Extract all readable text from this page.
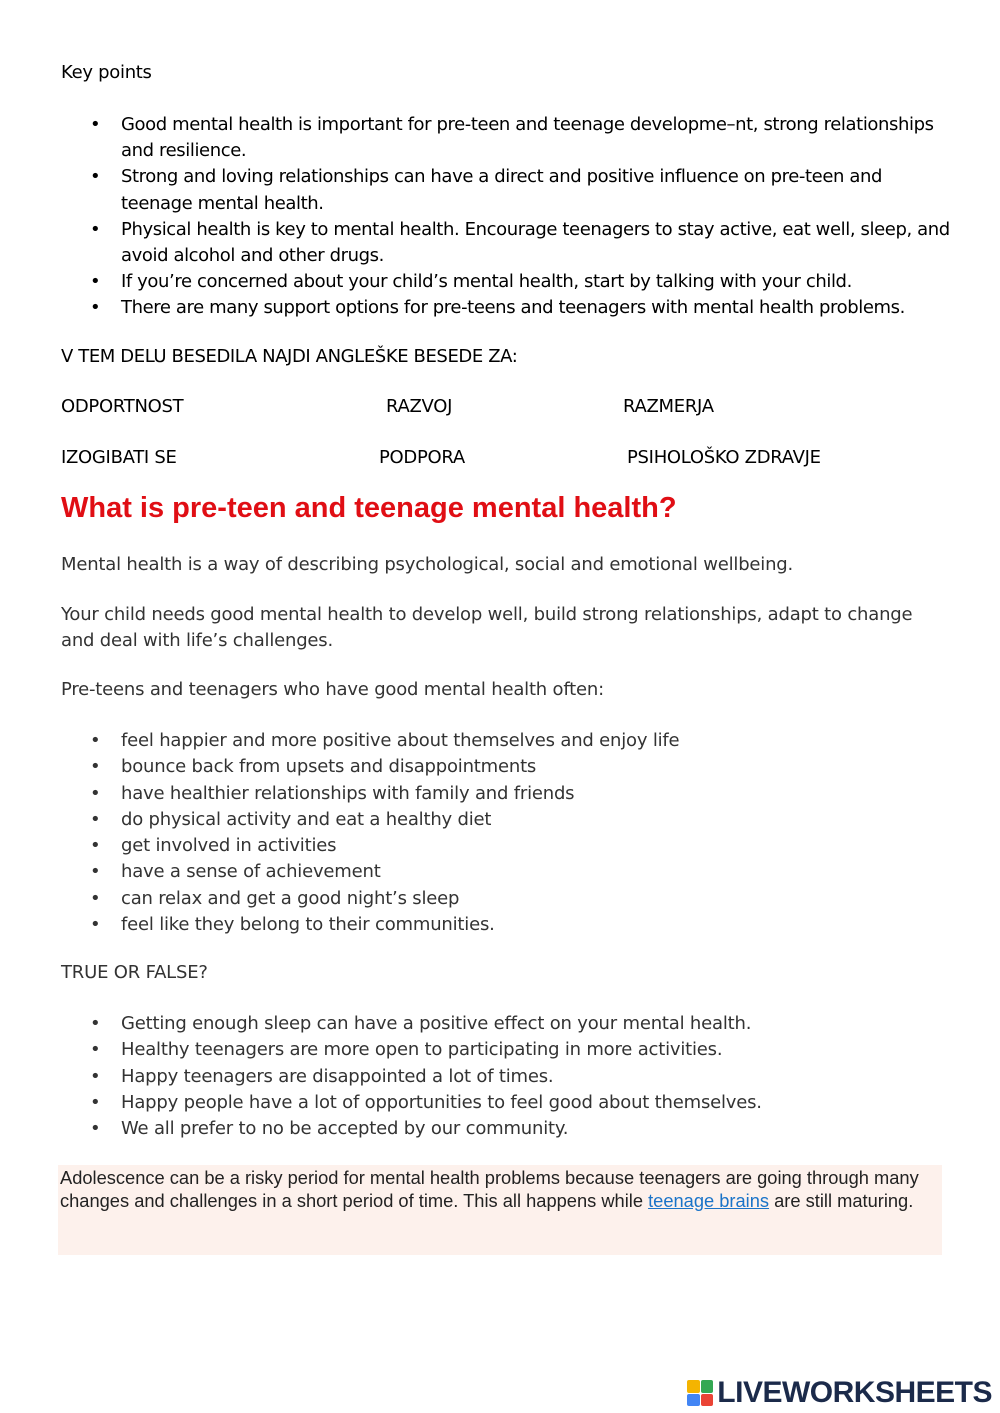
Key points
• Good mental health is important for pre-teen and teenage developme–nt, strong relationships and resilience.
• Strong and loving relationships can have a direct and positive influence on pre-teen and teenage mental health.
• Physical health is key to mental health. Encourage teenagers to stay active, eat well, sleep, and avoid alcohol and other drugs.
• If you’re concerned about your child’s mental health, start by talking with your child.
• There are many support options for pre-teens and teenagers with mental health problems.
V TEM DELU BESEDILA NAJDI ANGLEŠKE BESEDE ZA:
ODPORTNOST	RAZVOJ	RAZMERJA
IZOGIBATI SE	PODPORA	PSIHOLOŠKO ZDRAVJE
What is pre-teen and teenage mental health?

Mental health is a way of describing psychological, social and emotional wellbeing.

Your child needs good mental health to develop well, build strong relationships, adapt to change and deal with life’s challenges.

Pre-teens and teenagers who have good mental health often:

• feel happier and more positive about themselves and enjoy life
• bounce back from upsets and disappointments
• have healthier relationships with family and friends
• do physical activity and eat a healthy diet
• get involved in activities
• have a sense of achievement
• can relax and get a good night’s sleep
• feel like they belong to their communities.
TRUE OR FALSE?
• Getting enough sleep can have a positive effect on your mental health.
• Healthy teenagers are more open to participating in more activities.
• Happy teenagers are disappointed a lot of times.
• Happy people have a lot of opportunities to feel good about themselves.
• We all prefer to no be accepted by our community.

Adolescence can be a risky period for mental health problems because teenagers are going through many changes and challenges in a short period of time. This all happens while teenage brains are still maturing.

LIVEWORKSHEETS
